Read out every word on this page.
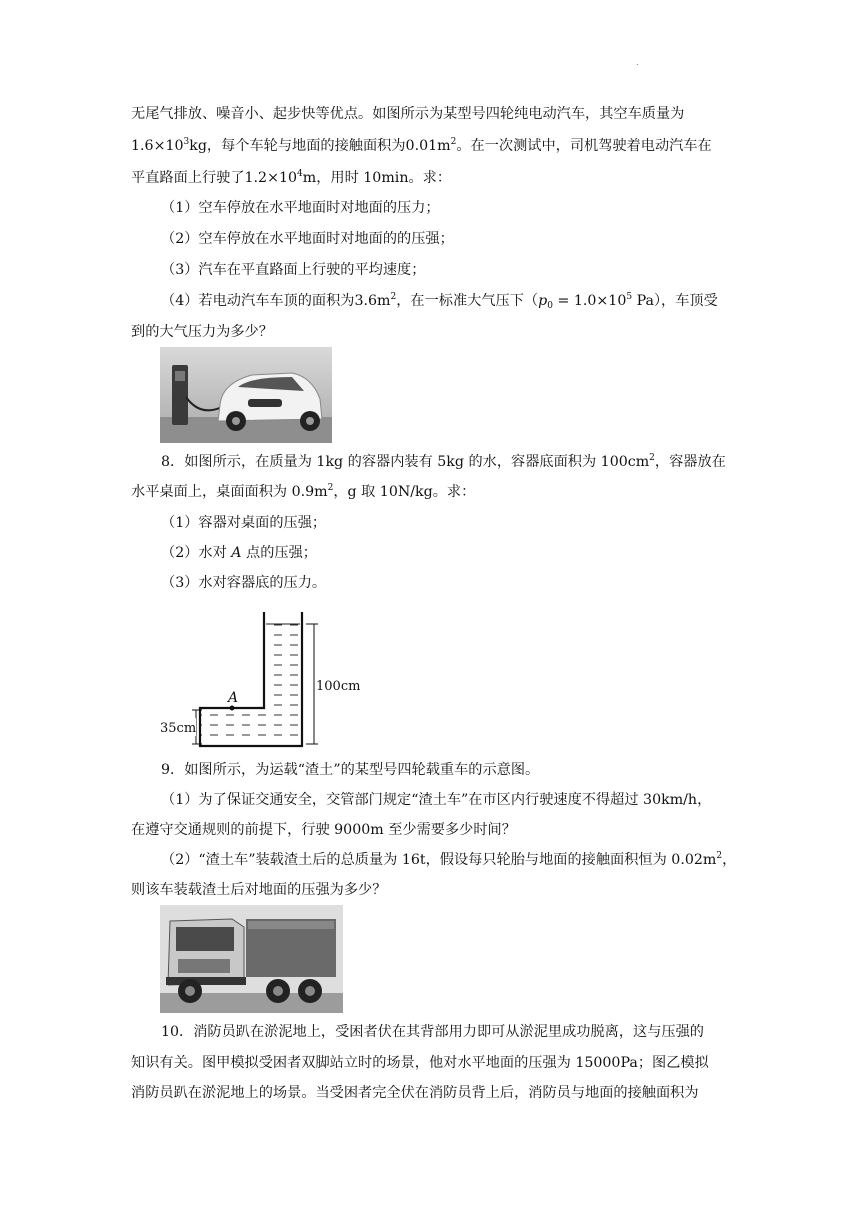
.
无尾气排放、噪音小、起步快等优点。如图所示为某型号四轮纯电动汽车，其空车质量为
$1.6\times 10^3kg$，每个车轮与地面的接触面积为$0.01m^2$。在一次测试中，司机驾驶着电动汽车在
平直路面上行驶了$1.2\times 10^4m$，用时 10min。求：
（1）空车停放在水平地面时对地面的压力；
（2）空车停放在水平地面时对地面的的压强；
（3）汽车在平直路面上行驶的平均速度；
（4）若电动汽车车顶的面积为$3.6m^2$，在一标准大气压下（$p_0 = 1.0\times 10^5$ Pa），车顶受
到的大气压力为多少？
8．如图所示，在质量为 1kg 的容器内装有 5kg 的水，容器底面积为 $100cm^2$，容器放在
水平桌面上，桌面面积为 $0.9m^2$，g 取 10N/kg。求：
（1）容器对桌面的压强；
（2）水对 A 点的压强；
（3）水对容器底的压力。
A
100cm
35cm
9．如图所示，为运载“渣土”的某型号四轮载重车的示意图。
（1）为了保证交通安全，交管部门规定“渣土车”在市区内行驶速度不得超过 30km/h，
在遵守交通规则的前提下，行驶 9000m 至少需要多少时间？
（2）“渣土车”装载渣土后的总质量为 16t，假设每只轮胎与地面的接触面积恒为 $0.02m^2$，
则该车装载渣土后对地面的压强为多少？
10．消防员趴在淤泥地上，受困者伏在其背部用力即可从淤泥里成功脱离，这与压强的
知识有关。图甲模拟受困者双脚站立时的场景，他对水平地面的压强为 15000Pa；图乙模拟
消防员趴在淤泥地上的场景。当受困者完全伏在消防员背上后，消防员与地面的接触面积为
